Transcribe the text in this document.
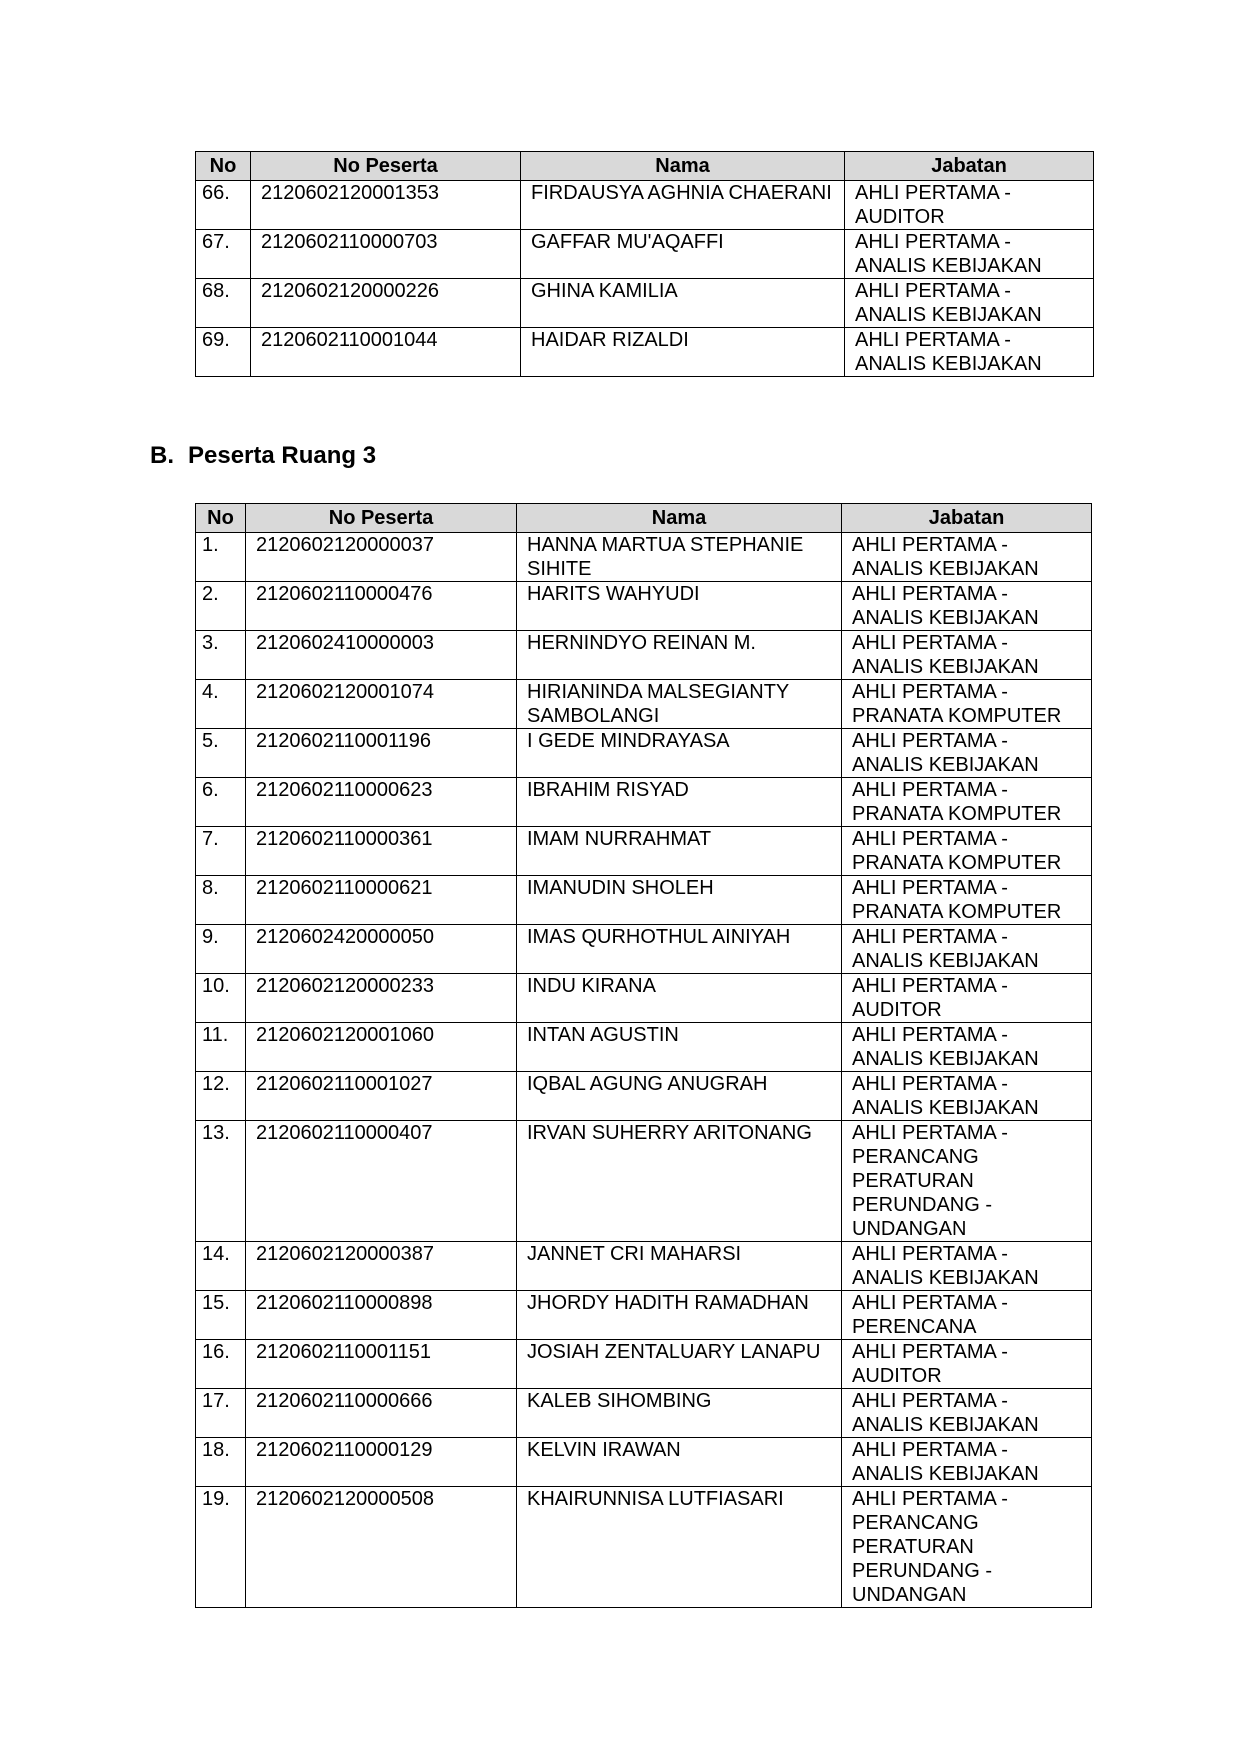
No	No Peserta	Nama	Jabatan
66.	2120602120001353	FIRDAUSYA AGHNIA CHAERANI	AHLI PERTAMA - AUDITOR
67.	2120602110000703	GAFFAR MU'AQAFFI	AHLI PERTAMA - ANALIS KEBIJAKAN
68.	2120602120000226	GHINA KAMILIA	AHLI PERTAMA - ANALIS KEBIJAKAN
69.	2120602110001044	HAIDAR RIZALDI	AHLI PERTAMA - ANALIS KEBIJAKAN
B. Peserta Ruang 3
No	No Peserta	Nama	Jabatan
1.	2120602120000037	HANNA MARTUA STEPHANIE SIHITE	AHLI PERTAMA - ANALIS KEBIJAKAN
2.	2120602110000476	HARITS WAHYUDI	AHLI PERTAMA - ANALIS KEBIJAKAN
3.	2120602410000003	HERNINDYO REINAN M.	AHLI PERTAMA - ANALIS KEBIJAKAN
4.	2120602120001074	HIRIANINDA MALSEGIANTY SAMBOLANGI	AHLI PERTAMA - PRANATA KOMPUTER
5.	2120602110001196	I GEDE MINDRAYASA	AHLI PERTAMA - ANALIS KEBIJAKAN
6.	2120602110000623	IBRAHIM RISYAD	AHLI PERTAMA - PRANATA KOMPUTER
7.	2120602110000361	IMAM NURRAHMAT	AHLI PERTAMA - PRANATA KOMPUTER
8.	2120602110000621	IMANUDIN SHOLEH	AHLI PERTAMA - PRANATA KOMPUTER
9.	2120602420000050	IMAS QURHOTHUL AINIYAH	AHLI PERTAMA - ANALIS KEBIJAKAN
10.	2120602120000233	INDU KIRANA	AHLI PERTAMA - AUDITOR
11.	2120602120001060	INTAN AGUSTIN	AHLI PERTAMA - ANALIS KEBIJAKAN
12.	2120602110001027	IQBAL AGUNG ANUGRAH	AHLI PERTAMA - ANALIS KEBIJAKAN
13.	2120602110000407	IRVAN SUHERRY ARITONANG	AHLI PERTAMA - PERANCANG PERATURAN PERUNDANG - UNDANGAN
14.	2120602120000387	JANNET CRI MAHARSI	AHLI PERTAMA - ANALIS KEBIJAKAN
15.	2120602110000898	JHORDY HADITH RAMADHAN	AHLI PERTAMA - PERENCANA
16.	2120602110001151	JOSIAH ZENTALUARY LANAPU	AHLI PERTAMA - AUDITOR
17.	2120602110000666	KALEB SIHOMBING	AHLI PERTAMA - ANALIS KEBIJAKAN
18.	2120602110000129	KELVIN IRAWAN	AHLI PERTAMA - ANALIS KEBIJAKAN
19.	2120602120000508	KHAIRUNNISA LUTFIASARI	AHLI PERTAMA - PERANCANG PERATURAN PERUNDANG - UNDANGAN
